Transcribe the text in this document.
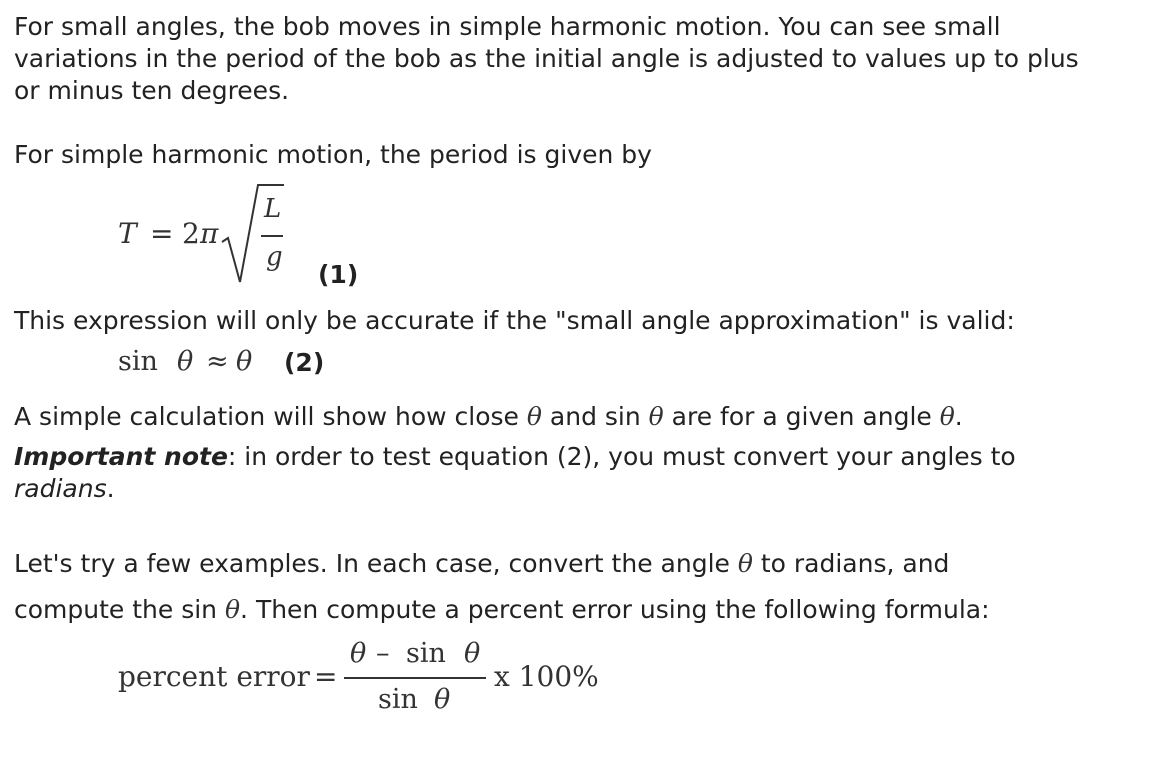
For small angles, the bob moves in simple harmonic motion. You can see small variations in the period of the bob as the initial angle is adjusted to values up to plus or minus ten degrees.

For simple harmonic motion, the period is given by

T = 2 π
L
g
(1)

This expression will only be accurate if the "small angle approximation" is valid:

sin θ ≈ θ (2)

A simple calculation will show how close θ and sin θ are for a given angle θ.

Important note: in order to test equation (2), you must convert your angles to radians.

Let's try a few examples. In each case, convert the angle θ to radians, and
compute the sin θ. Then compute a percent error using the following formula:

percent error =
θ – sin θ
sin θ
x 100%
